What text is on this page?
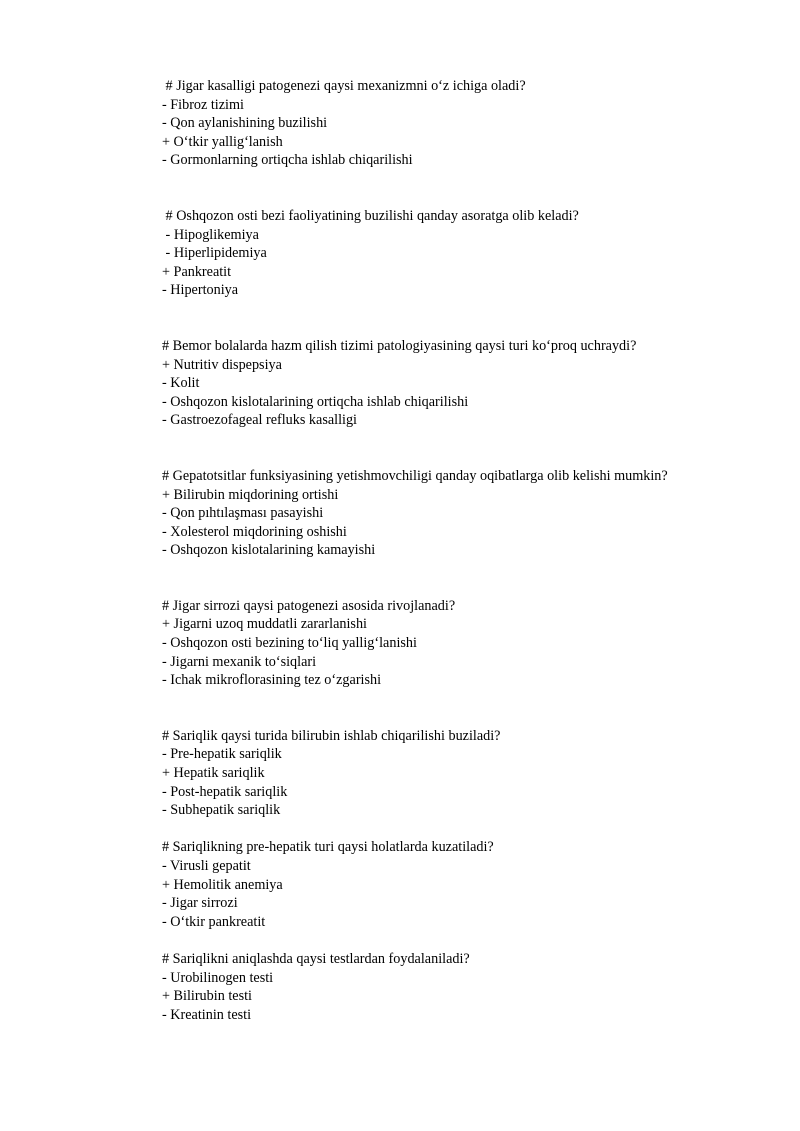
# Jigar kasalligi patogenezi qaysi mexanizmni o‘z ichiga oladi?
- Fibroz tizimi
- Qon aylanishining buzilishi
+ O‘tkir yallig‘lanish
- Gormonlarning ortiqcha ishlab chiqarilishi
# Oshqozon osti bezi faoliyatining buzilishi qanday asoratga olib keladi?
- Hipoglikemiya
- Hiperlipidemiya
+ Pankreatit
- Hipertoniya
# Bemor bolalarda hazm qilish tizimi patologiyasining qaysi turi ko‘proq uchraydi?
+ Nutritiv dispepsiya
- Kolit
- Oshqozon kislotalarining ortiqcha ishlab chiqarilishi
- Gastroezofageal refluks kasalligi
# Gepatotsitlar funksiyasining yetishmovchiligi qanday oqibatlarga olib kelishi mumkin?
+ Bilirubin miqdorining ortishi
- Qon pıhtılaşması pasayishi
- Xolesterol miqdorining oshishi
- Oshqozon kislotalarining kamayishi
# Jigar sirrozi qaysi patogenezi asosida rivojlanadi?
+ Jigarni uzoq muddatli zararlanishi
- Oshqozon osti bezining to‘liq yallig‘lanishi
- Jigarni mexanik to‘siqlari
- Ichak mikroflorasining tez o‘zgarishi
# Sariqlik qaysi turida bilirubin ishlab chiqarilishi buziladi?
- Pre-hepatik sariqlik
+ Hepatik sariqlik
- Post-hepatik sariqlik
- Subhepatik sariqlik
# Sariqlikning pre-hepatik turi qaysi holatlarda kuzatiladi?
- Virusli gepatit
+ Hemolitik anemiya
- Jigar sirrozi
- O‘tkir pankreatit
# Sariqlikni aniqlashda qaysi testlardan foydalaniladi?
- Urobilinogen testi
+ Bilirubin testi
- Kreatinin testi
